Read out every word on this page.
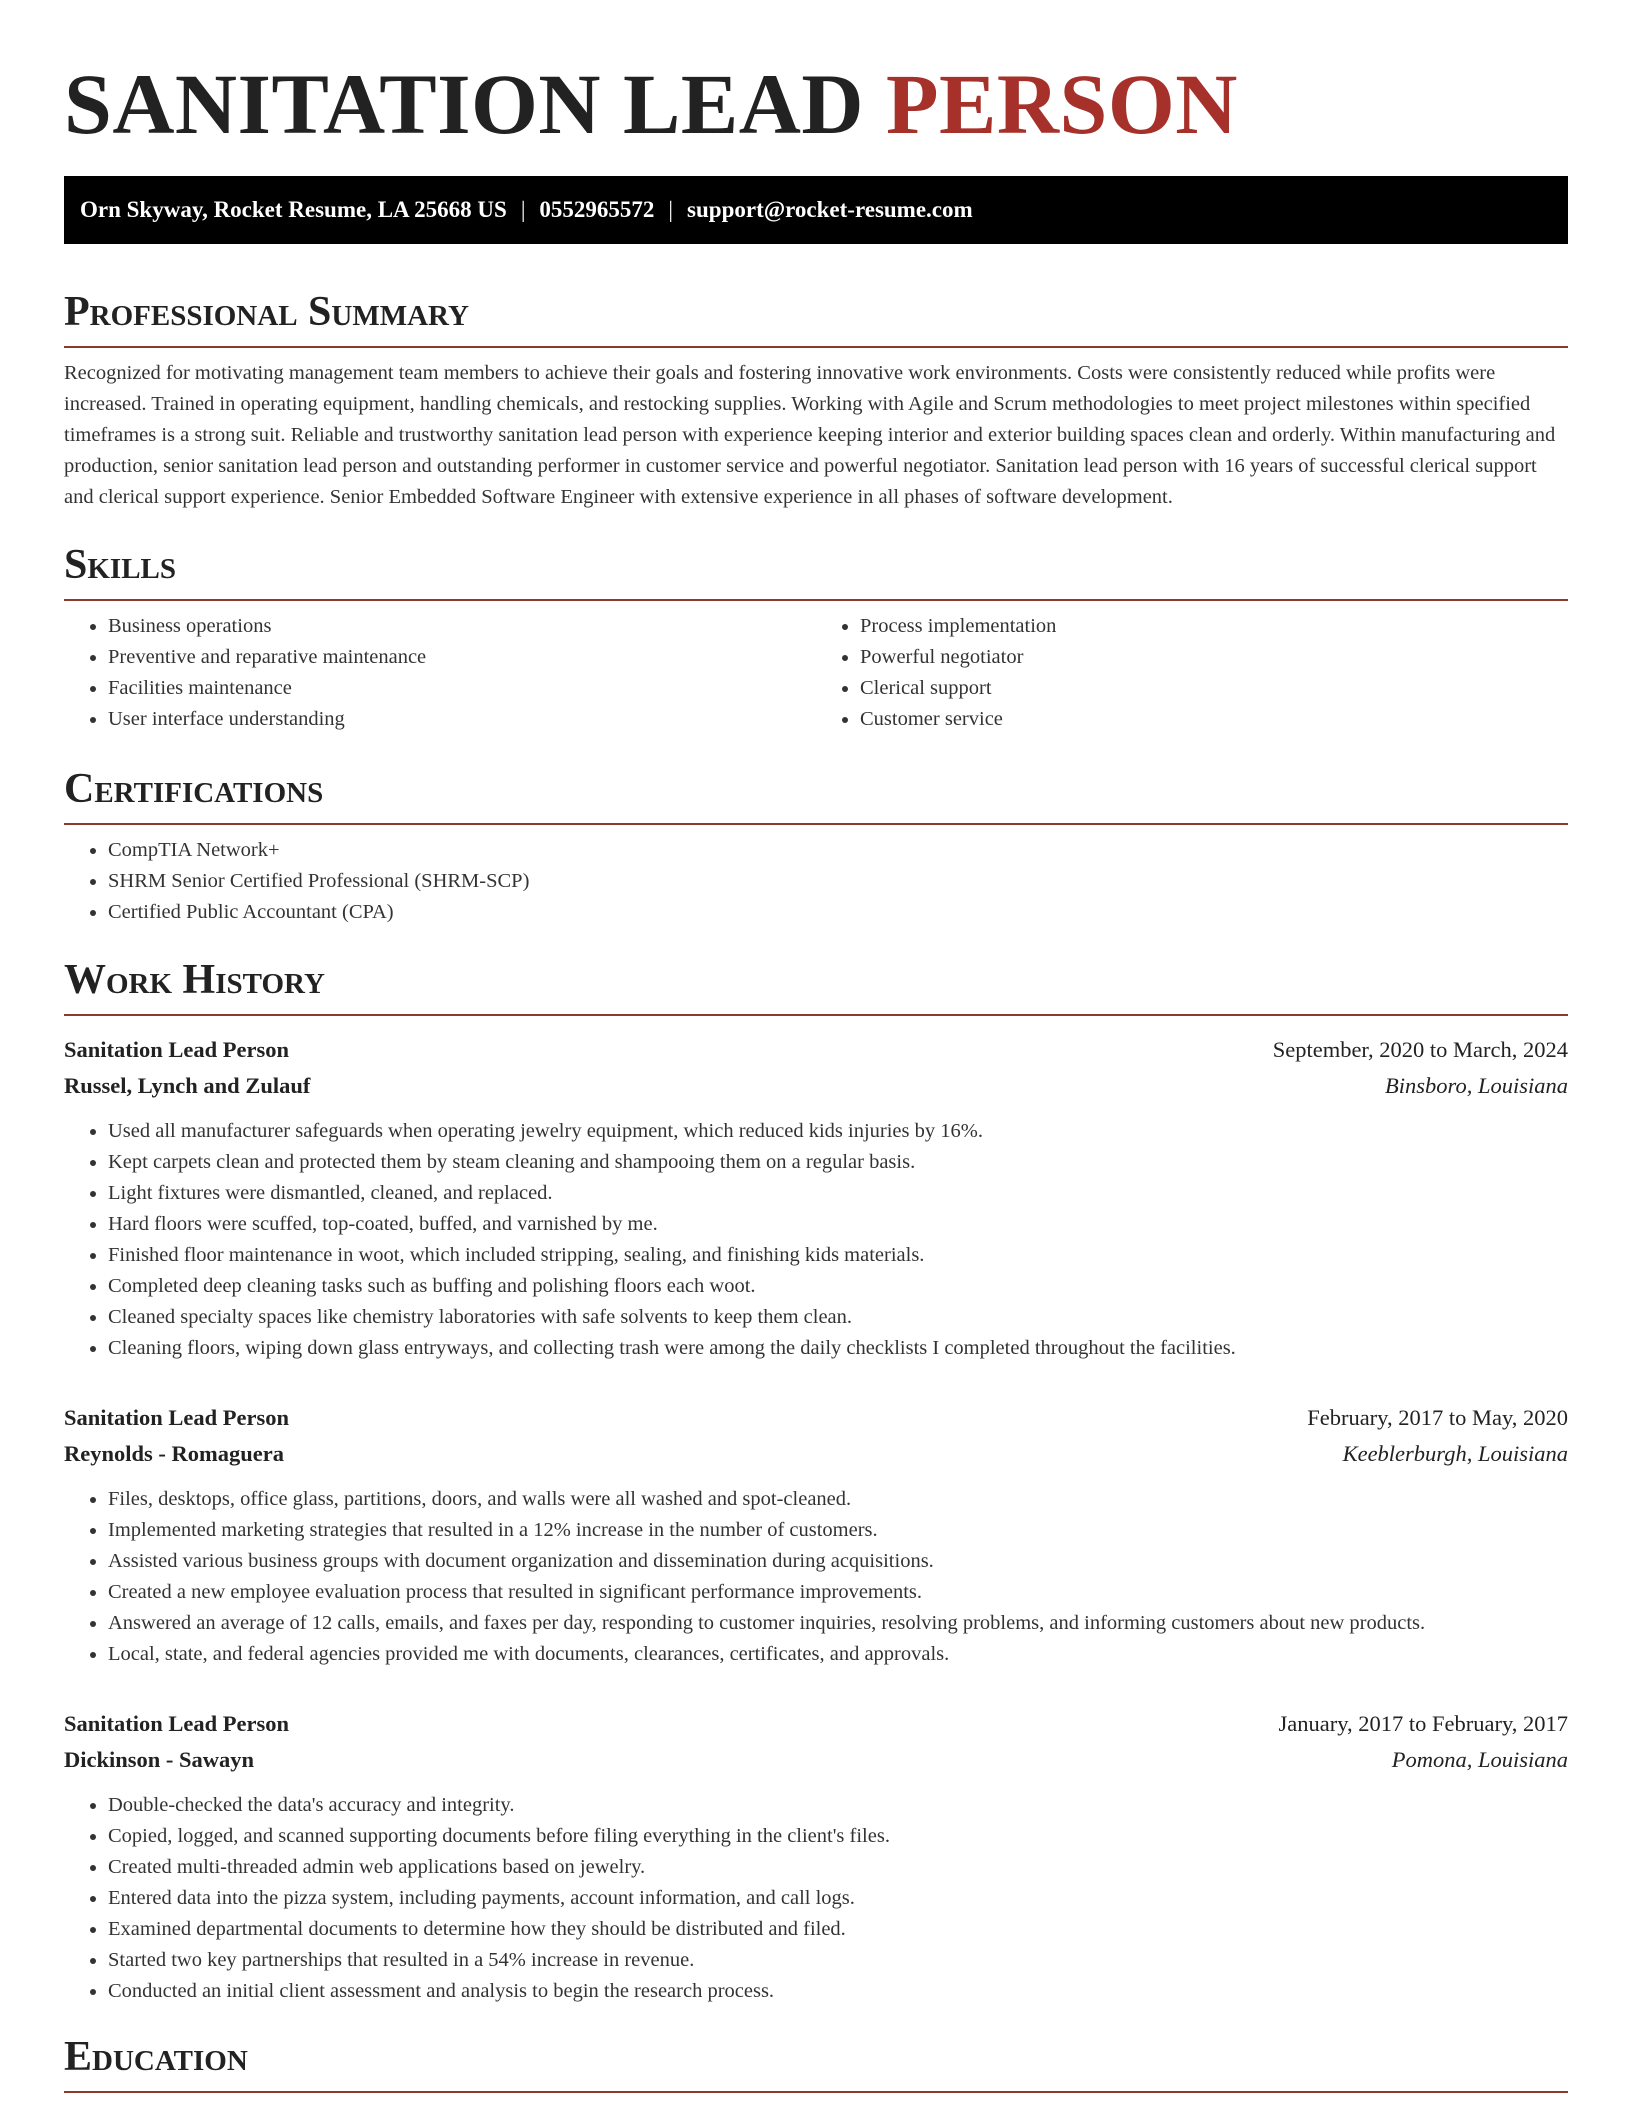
SANITATION LEAD PERSON
Orn Skyway, Rocket Resume, LA 25668 US | 0552965572 | support@rocket-resume.com
Professional Summary

Recognized for motivating management team members to achieve their goals and fostering innovative work environments. Costs were consistently reduced while profits were increased. Trained in operating equipment, handling chemicals, and restocking supplies. Working with Agile and Scrum methodologies to meet project milestones within specified timeframes is a strong suit. Reliable and trustworthy sanitation lead person with experience keeping interior and exterior building spaces clean and orderly. Within manufacturing and production, senior sanitation lead person and outstanding performer in customer service and powerful negotiator. Sanitation lead person with 16 years of successful clerical support and clerical support experience. Senior Embedded Software Engineer with extensive experience in all phases of software development.

Skills
• Business operations
• Preventive and reparative maintenance
• Facilities maintenance
• User interface understanding
• Process implementation
• Powerful negotiator
• Clerical support
• Customer service
Certifications
• CompTIA Network+
• SHRM Senior Certified Professional (SHRM-SCP)
• Certified Public Accountant (CPA)
Work History
Sanitation Lead Person	September, 2020 to March, 2024
Russel, Lynch and Zulauf	Binsboro, Louisiana
• Used all manufacturer safeguards when operating jewelry equipment, which reduced kids injuries by 16%.
• Kept carpets clean and protected them by steam cleaning and shampooing them on a regular basis.
• Light fixtures were dismantled, cleaned, and replaced.
• Hard floors were scuffed, top-coated, buffed, and varnished by me.
• Finished floor maintenance in woot, which included stripping, sealing, and finishing kids materials.
• Completed deep cleaning tasks such as buffing and polishing floors each woot.
• Cleaned specialty spaces like chemistry laboratories with safe solvents to keep them clean.
• Cleaning floors, wiping down glass entryways, and collecting trash were among the daily checklists I completed throughout the facilities.
Sanitation Lead Person	February, 2017 to May, 2020
Reynolds - Romaguera	Keeblerburgh, Louisiana
• Files, desktops, office glass, partitions, doors, and walls were all washed and spot-cleaned.
• Implemented marketing strategies that resulted in a 12% increase in the number of customers.
• Assisted various business groups with document organization and dissemination during acquisitions.
• Created a new employee evaluation process that resulted in significant performance improvements.
• Answered an average of 12 calls, emails, and faxes per day, responding to customer inquiries, resolving problems, and informing customers about new products.
• Local, state, and federal agencies provided me with documents, clearances, certificates, and approvals.
Sanitation Lead Person	January, 2017 to February, 2017
Dickinson - Sawayn	Pomona, Louisiana
• Double-checked the data's accuracy and integrity.
• Copied, logged, and scanned supporting documents before filing everything in the client's files.
• Created multi-threaded admin web applications based on jewelry.
• Entered data into the pizza system, including payments, account information, and call logs.
• Examined departmental documents to determine how they should be distributed and filed.
• Started two key partnerships that resulted in a 54% increase in revenue.
• Conducted an initial client assessment and analysis to begin the research process.
Education
